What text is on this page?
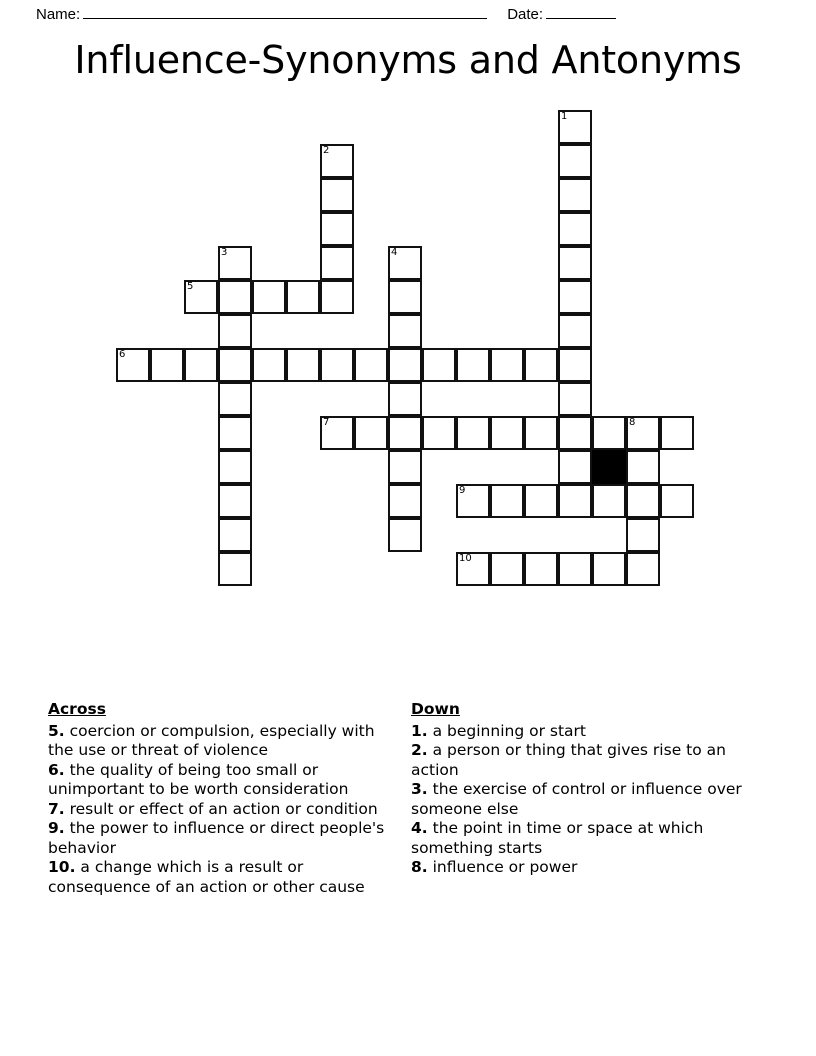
Name:	Date:
Influence-Synonyms and Antonyms
1
2
3	4
5
6
7	8
9
10
Across

5. coercion or compulsion, especially with the use or threat of violence

6. the quality of being too small or unimportant to be worth consideration

7. result or effect of an action or condition

9. the power to influence or direct people's behavior

10. a change which is a result or consequence of an action or other cause

Down

1. a beginning or start

2. a person or thing that gives rise to an action

3. the exercise of control or influence over someone else

4. the point in time or space at which something starts

8. influence or power
